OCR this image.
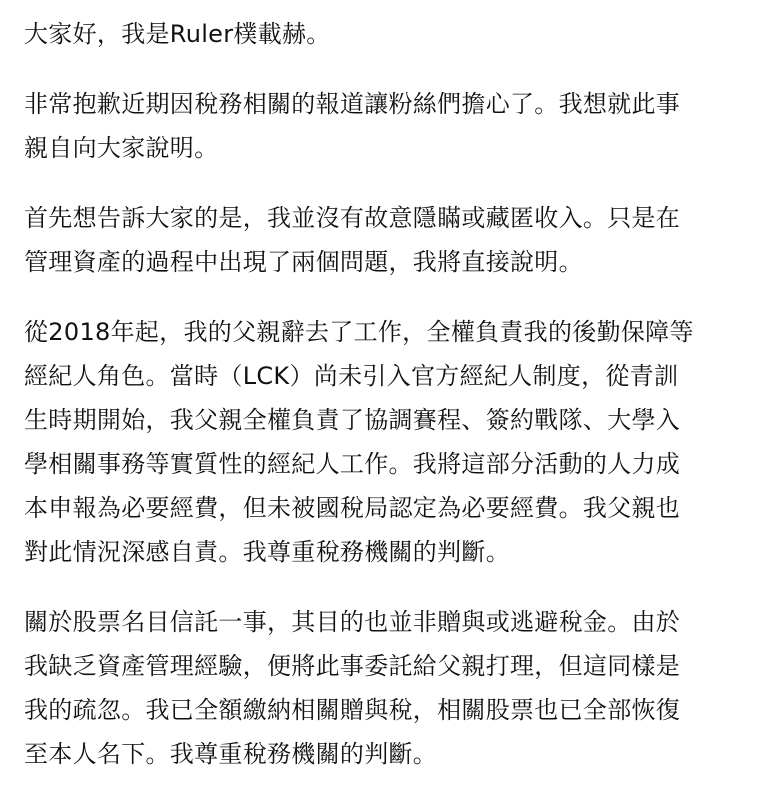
大家好，我是Ruler樸載赫。

非常抱歉近期因稅務相關的報道讓粉絲們擔心了。我想就此事
親自向大家說明。

首先想告訴大家的是，我並沒有故意隱瞞或藏匿收入。只是在
管理資產的過程中出現了兩個問題，我將直接說明。

從2018年起，我的父親辭去了工作，全權負責我的後勤保障等
經紀人角色。當時（LCK）尚未引入官方經紀人制度，從青訓
生時期開始，我父親全權負責了協調賽程、簽約戰隊、大學入
學相關事務等實質性的經紀人工作。我將這部分活動的人力成
本申報為必要經費，但未被國稅局認定為必要經費。我父親也
對此情況深感自責。我尊重稅務機關的判斷。

關於股票名目信託一事，其目的也並非贈與或逃避稅金。由於
我缺乏資產管理經驗，便將此事委託給父親打理，但這同樣是
我的疏忽。我已全額繳納相關贈與稅，相關股票也已全部恢復
至本人名下。我尊重稅務機關的判斷。
